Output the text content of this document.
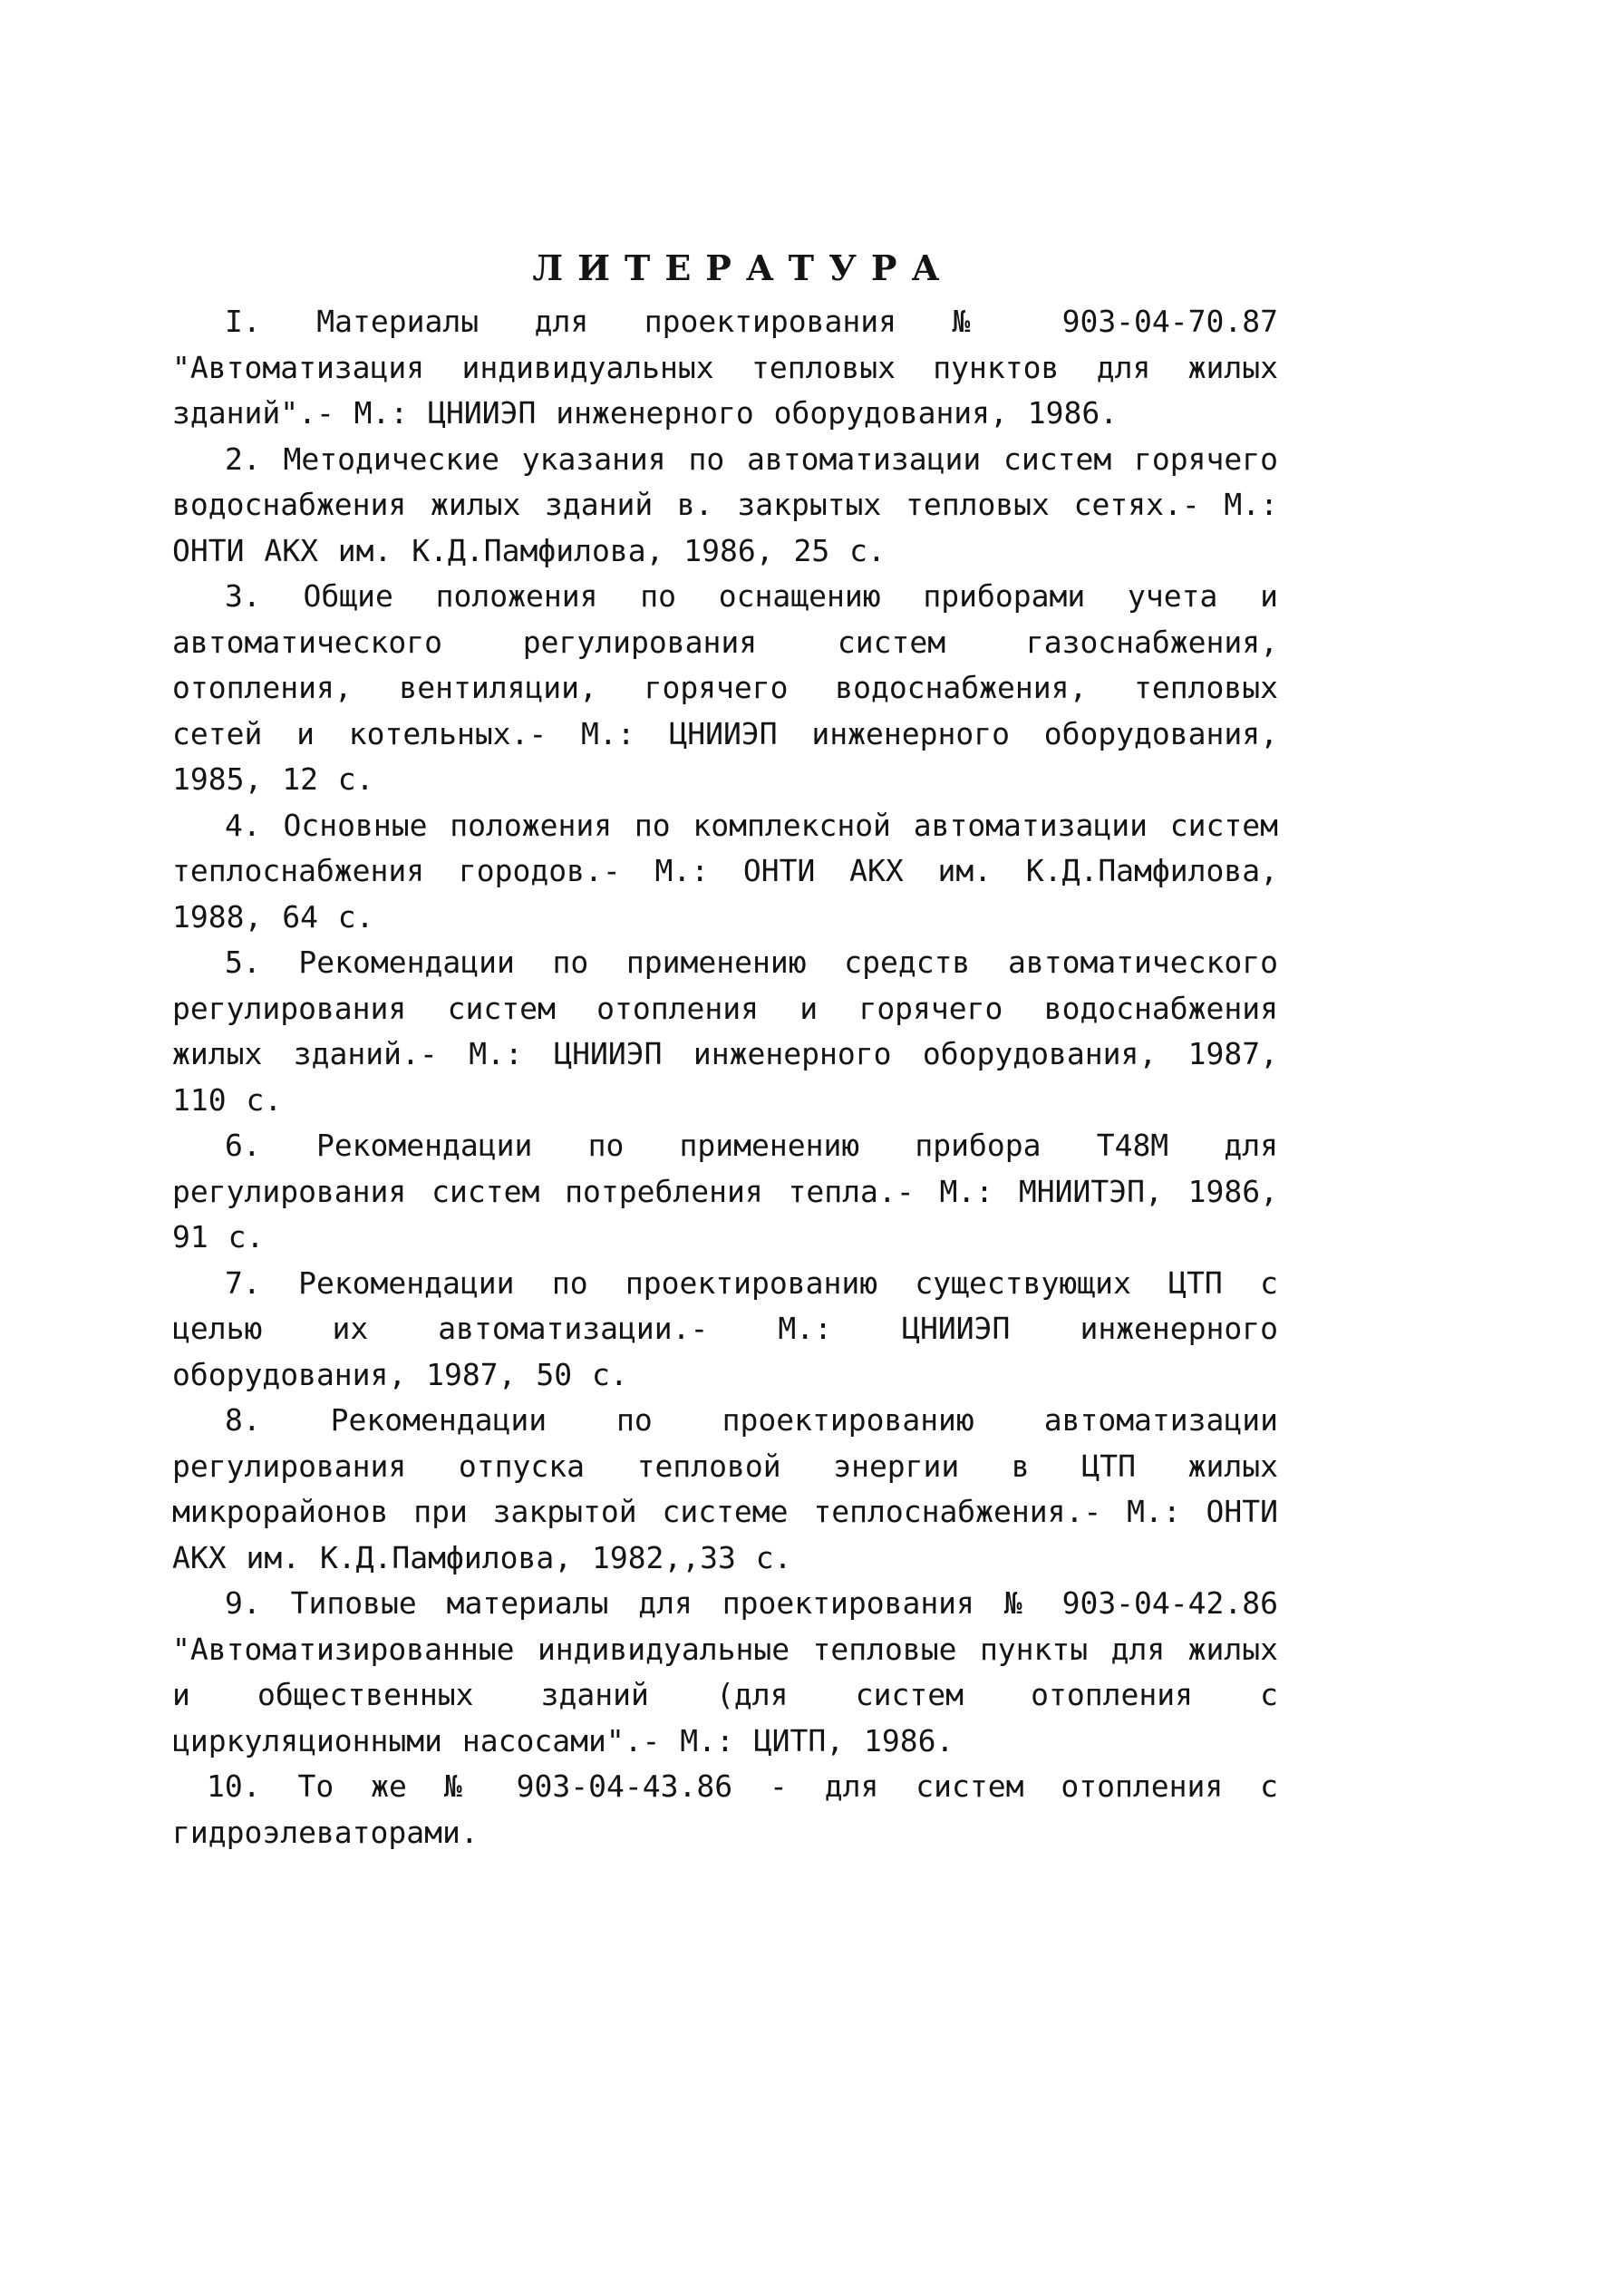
ЛИТЕРАТУРА

I. Материалы для проектирования № 903-04-70.87 "Автоматизация индивидуальных тепловых пунктов для жилых зданий".- М.: ЦНИИЭП инженерного оборудования, 1986.

2. Методические указания по автоматизации систем горячего водоснабжения жилых зданий в. закрытых тепловых сетях.- М.: ОНТИ АКХ им. К.Д.Памфилова, 1986, 25 с.

3. Общие положения по оснащению приборами учета и автоматического регулирования систем газоснабжения, отопления, вентиляции, горячего водоснабжения, тепловых сетей и котельных.- М.: ЦНИИЭП инженерного оборудования, 1985, 12 с.

4. Основные положения по комплексной автоматизации систем теплоснабжения городов.- М.: ОНТИ АКХ им. К.Д.Памфилова, 1988, 64 с.

5. Рекомендации по применению средств автоматического регулирования систем отопления и горячего водоснабжения жилых зданий.- М.: ЦНИИЭП инженерного оборудования, 1987, 110 с.

6. Рекомендации по применению прибора Т48М для регулирования систем потребления тепла.- М.: МНИИТЭП, 1986, 91 с.

7. Рекомендации по проектированию существующих ЦТП с целью их автоматизации.- М.: ЦНИИЭП инженерного оборудования, 1987, 50 с.

8. Рекомендации по проектированию автоматизации регулирования отпуска тепловой энергии в ЦТП жилых микрорайонов при закрытой системе теплоснабжения.- М.: ОНТИ АКХ им. К.Д.Памфилова, 1982,,33 с.

9. Типовые материалы для проектирования № 903-04-42.86 "Автоматизированные индивидуальные тепловые пункты для жилых и общественных зданий (для систем отопления с циркуляционными насосами".- М.: ЦИТП, 1986.

10. То же № 903-04-43.86 - для систем отопления с гидроэлеваторами.
